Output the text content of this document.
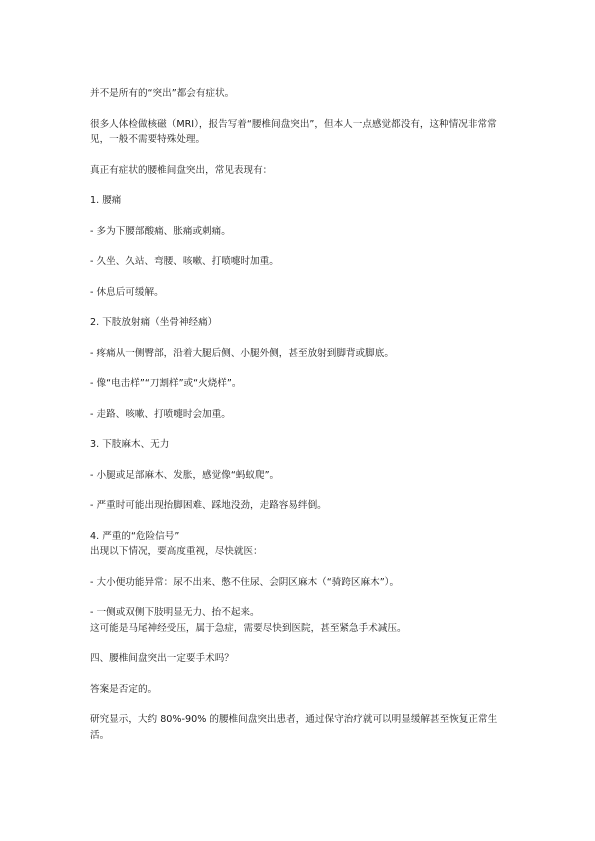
并不是所有的“突出”都会有症状。

很多人体检做核磁（MRI），报告写着“腰椎间盘突出”，但本人一点感觉都没有，这种情况非常常见，一般不需要特殊处理。

真正有症状的腰椎间盘突出，常见表现有：

1. 腰痛

- 多为下腰部酸痛、胀痛或刺痛。

- 久坐、久站、弯腰、咳嗽、打喷嚏时加重。

- 休息后可缓解。

2. 下肢放射痛（坐骨神经痛）

- 疼痛从一侧臀部，沿着大腿后侧、小腿外侧，甚至放射到脚背或脚底。

- 像“电击样”“刀割样”或“火烧样”。

- 走路、咳嗽、打喷嚏时会加重。

3. 下肢麻木、无力

- 小腿或足部麻木、发胀，感觉像“蚂蚁爬”。

- 严重时可能出现抬脚困难、踩地没劲，走路容易绊倒。

4. 严重的“危险信号”

出现以下情况，要高度重视，尽快就医：

- 大小便功能异常：尿不出来、憋不住尿、会阴区麻木（“骑跨区麻木”）。

- 一侧或双侧下肢明显无力、抬不起来。

这可能是马尾神经受压，属于急症，需要尽快到医院，甚至紧急手术减压。

四、腰椎间盘突出一定要手术吗？

答案是否定的。

研究显示，大约 80%-90% 的腰椎间盘突出患者，通过保守治疗就可以明显缓解甚至恢复正常生活。
